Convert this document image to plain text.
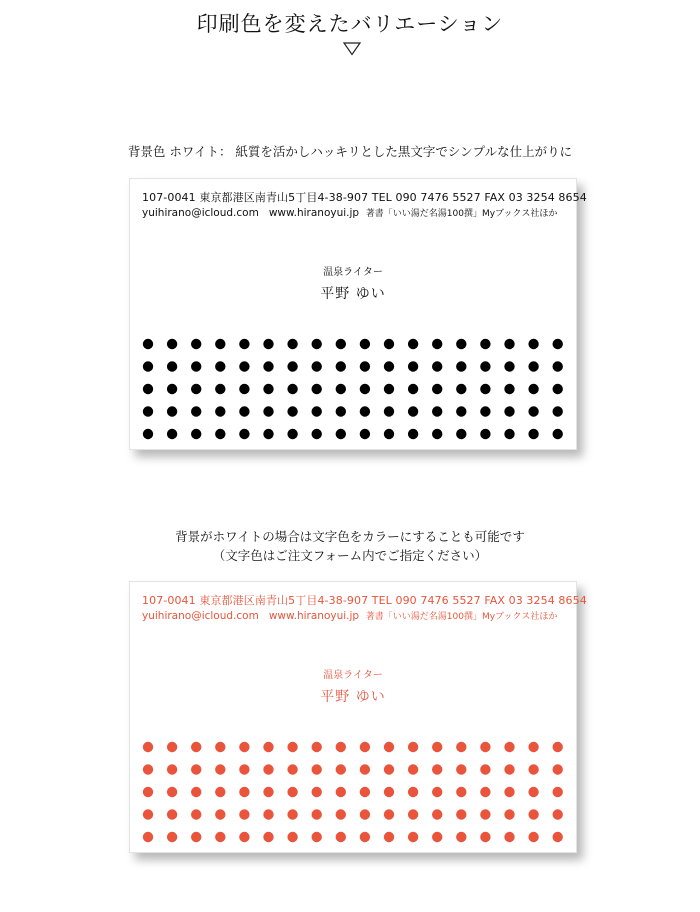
印刷色を変えたバリエーション
背景色 ホワイト： 紙質を活かしハッキリとした黒文字でシンプルな仕上がりに
107-0041 東京都港区南青山5丁目4-38-907 TEL 090 7476 5527 FAX 03 3254 8654
yuihirano@icloud.com www.hiranoyui.jp 著書「いい湯だ名湯100撰」Myブックス社ほか
温泉ライター
平野 ゆい
背景がホワイトの場合は文字色をカラーにすることも可能です
（文字色はご注文フォーム内でご指定ください）
107-0041 東京都港区南青山5丁目4-38-907 TEL 090 7476 5527 FAX 03 3254 8654
yuihirano@icloud.com www.hiranoyui.jp 著書「いい湯だ名湯100撰」Myブックス社ほか
温泉ライター
平野 ゆい
